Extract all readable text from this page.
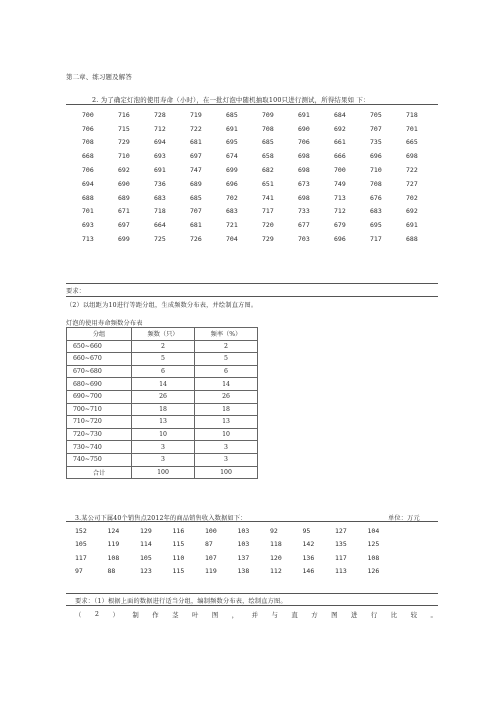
第二章、练习题及解答
2. 为了确定灯泡的使用寿命（小时），在一批灯泡中随机抽取100只进行测试，所得结果如 下：
700	716	728	719	685	709	691	684	705	718
706	715	712	722	691	708	690	692	707	701
708	729	694	681	695	685	706	661	735	665
668	710	693	697	674	658	698	666	696	698
706	692	691	747	699	682	698	700	710	722
694	690	736	689	696	651	673	749	708	727
688	689	683	685	702	741	698	713	676	702
701	671	718	707	683	717	733	712	683	692
693	697	664	681	721	720	677	679	695	691
713	699	725	726	704	729	703	696	717	688
要求：
（2）以组距为10进行等距分组，生成频数分布表，并绘制直方图。
灯泡的使用寿命频数分布表
分组	频数（只）	频率（%）
650~660	2	2
660~670	5	5
670~680	6	6
680~690	14	14
690~700	26	26
700~710	18	18
710~720	13	13
720~730	10	10
730~740	3	3
740~750	3	3
合计	100	100
3.某公司下属40个销售点2012年的商品销售收入数据如下：	单位：万元
152	124	129	116	100	103	92	95	127	104
105	119	114	115	87	103	118	142	135	125
117	108	105	110	107	137	120	136	117	108
97	88	123	115	119	138	112	146	113	126
要求：（1）根据上面的数据进行适当分组，编制频数分布表，绘制直方图。
（ 2 ） 制 作 茎 叶 图 ， 并 与 直 方 图 进 行 比 较 。
